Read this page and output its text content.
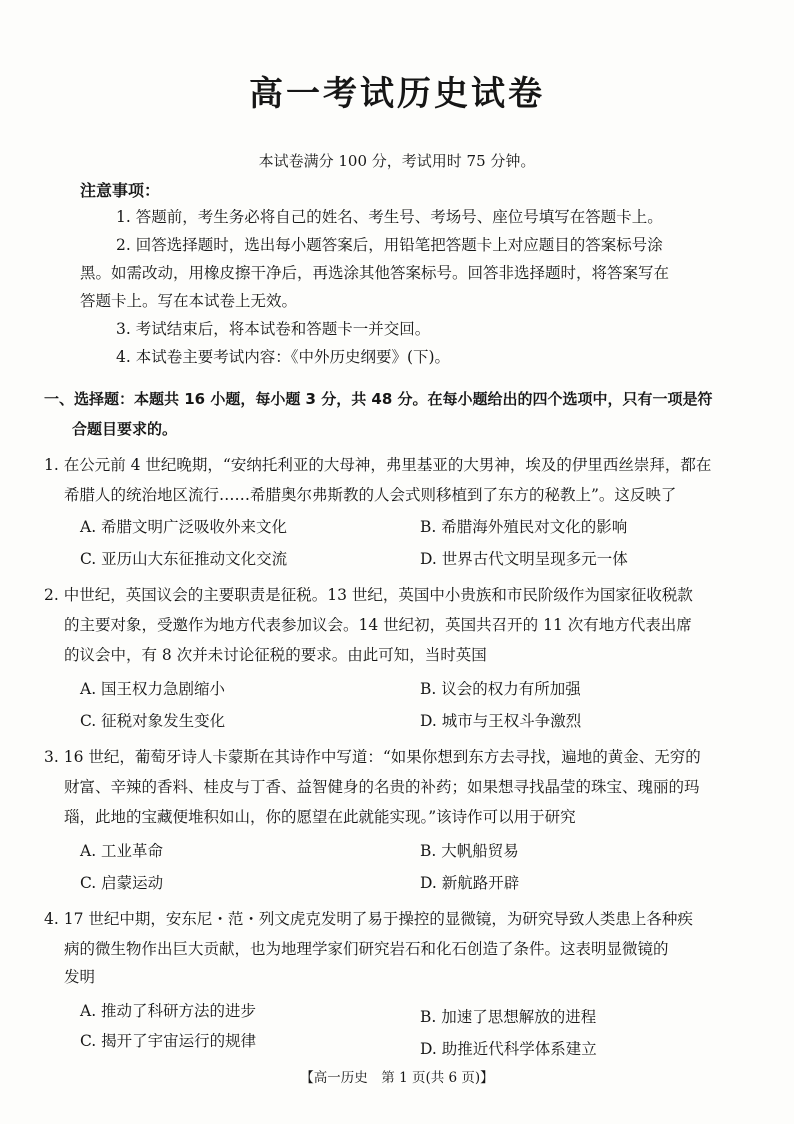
高一考试历史试卷
本试卷满分 100 分，考试用时 75 分钟。
注意事项：
1. 答题前，考生务必将自己的姓名、考生号、考场号、座位号填写在答题卡上。
2. 回答选择题时，选出每小题答案后，用铅笔把答题卡上对应题目的答案标号涂
黑。如需改动，用橡皮擦干净后，再选涂其他答案标号。回答非选择题时，将答案写在
答题卡上。写在本试卷上无效。
3. 考试结束后，将本试卷和答题卡一并交回。
4. 本试卷主要考试内容：《中外历史纲要》(下)。
一、选择题：本题共 16 小题，每小题 3 分，共 48 分。在每小题给出的四个选项中，只有一项是符
合题目要求的。
1. 在公元前 4 世纪晚期，“安纳托利亚的大母神，弗里基亚的大男神，埃及的伊里西丝崇拜，都在
希腊人的统治地区流行……希腊奥尔弗斯教的人会式则移植到了东方的秘教上”。这反映了
A. 希腊文明广泛吸收外来文化	B. 希腊海外殖民对文化的影响
C. 亚历山大东征推动文化交流	D. 世界古代文明呈现多元一体
2. 中世纪，英国议会的主要职责是征税。13 世纪，英国中小贵族和市民阶级作为国家征收税款
的主要对象，受邀作为地方代表参加议会。14 世纪初，英国共召开的 11 次有地方代表出席
的议会中，有 8 次并未讨论征税的要求。由此可知，当时英国
A. 国王权力急剧缩小	B. 议会的权力有所加强
C. 征税对象发生变化	D. 城市与王权斗争激烈
3. 16 世纪，葡萄牙诗人卡蒙斯在其诗作中写道：“如果你想到东方去寻找，遍地的黄金、无穷的
财富、辛辣的香料、桂皮与丁香、益智健身的名贵的补药；如果想寻找晶莹的珠宝、瑰丽的玛
瑙，此地的宝藏便堆积如山，你的愿望在此就能实现。”该诗作可以用于研究
A. 工业革命	B. 大帆船贸易
C. 启蒙运动	D. 新航路开辟
4. 17 世纪中期，安东尼・范・列文虎克发明了易于操控的显微镜，为研究导致人类患上各种疾
病的微生物作出巨大贡献，也为地理学家们研究岩石和化石创造了条件。这表明显微镜的
发明
A. 推动了科研方法的进步	B. 加速了思想解放的进程
C. 揭开了宇宙运行的规律	D. 助推近代科学体系建立
【高一历史　第 1 页(共 6 页)】
